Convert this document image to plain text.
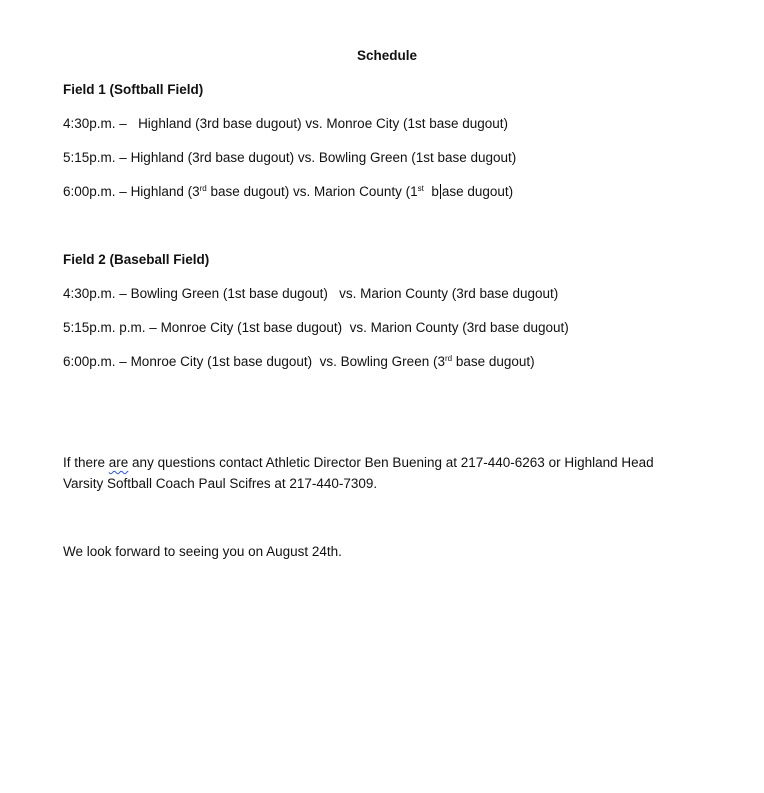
Schedule
Field 1 (Softball Field)
4:30p.m. – Highland (3rd base dugout) vs. Monroe City (1st base dugout)
5:15p.m. – Highland (3rd base dugout) vs. Bowling Green (1st base dugout)
6:00p.m. – Highland (3rd base dugout) vs. Marion County (1st  b ase dugout)
Field 2 (Baseball Field)
4:30p.m. – Bowling Green (1st base dugout)   vs. Marion County (3rd base dugout)
5:15p.m. p.m. – Monroe City (1st base dugout)  vs. Marion County (3rd base dugout)
6:00p.m. – Monroe City (1st base dugout)  vs. Bowling Green (3rd base dugout)
If there are any questions contact Athletic Director Ben Buening at 217-440-6263 or Highland Head Varsity Softball Coach Paul Scifres at 217-440-7309.
We look forward to seeing you on August 24th.
